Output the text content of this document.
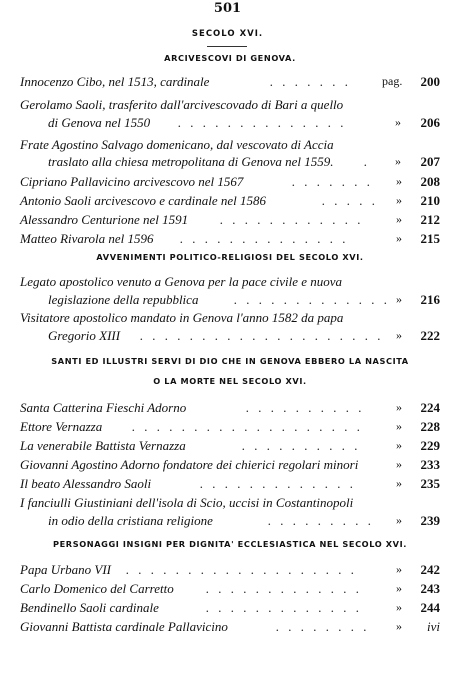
501
SECOLO XVI.
ARCIVESCOVI DI GENOVA.
Innocenzo Cibo, nel 1513, cardinale	. . . . . . .	pag. 200
Gerolamo Saoli, trasferito dall'arcivescovado di Bari a quello
di Genova nel 1550 . . . . . . . . . . . . . .	» 206
Frate Agostino Salvago domenicano, dal vescovato di Accia
traslato alla chiesa metropolitana di Genova nel 1559. . » 207
Cipriano Pallavicino arcivescovo nel 1567	. . . . . . . » 208
Antonio Saoli arcivescovo e cardinale nel 1586	. . . . . » 210
Alessandro Centurione nel 1591 . . . . . . . . . . . .	» 212
Matteo Rivarola nel 1596 . . . . . . . . . . . . . .	» 215
AVVENIMENTI POLITICO-RELIGIOSI DEL SECOLO XVI.
Legato apostolico venuto a Genova per la pace civile e nuova
legislazione della repubblica	. . . . . . . . . . . . . » 216
Visitatore apostolico mandato in Genova l'anno 1582 da papa
Gregorio XIII . . . . . . . . . . . . . . . . . . . . » 222
SANTI ED ILLUSTRI SERVI DI DIO CHE IN GENOVA EBBERO LA NASCITA
O LA MORTE NEL SECOLO XVI.
Santa Catterina Fieschi Adorno	. . . . . . . . . .	» 224
Ettore Vernazza . . . . . . . . . . . . . . . . . . .	» 228
La venerabile Battista Vernazza	. . . . . . . . . .	» 229
Giovanni Agostino Adorno fondatore dei chierici regolari minori	» 233
Il beato Alessandro Saoli	. . . . . . . . . . . . .	» 235
I fanciulli Giustiniani dell'isola di Scio, uccisi in Costantinopoli
in odio della cristiana religione	. . . . . . . . . » 239
PERSONAGGI INSIGNI PER DIGNITA' ECCLESIASTICA NEL SECOLO XVI.
Papa Urbano VII . . . . . . . . . . . . . . . . . . .	» 242
Carlo Domenico del Carretto . . . . . . . . . . . . .	» 243
Bendinello Saoli cardinale	. . . . . . . . . . . . .	» 244
Giovanni Battista cardinale Pallavicino	. . . . . . . . » ivi
